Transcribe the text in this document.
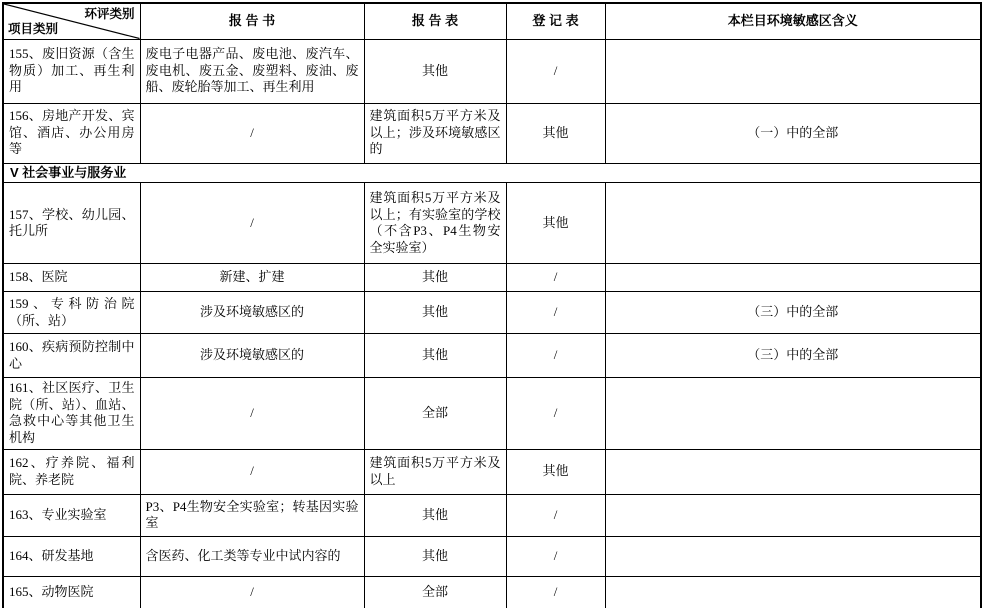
环评类别
项目类别	报 告 书	报 告 表	登 记 表	本栏目环境敏感区含义
155、废旧资源（含生物质）加工、再生利用	废电子电器产品、废电池、废汽车、废电机、废五金、废塑料、废油、废船、废轮胎等加工、再生利用	其他	/	
156、房地产开发、宾馆、酒店、办公用房等	/	建筑面积5万平方米及以上；涉及环境敏感区的	其他	（一）中的全部
V 社会事业与服务业				
157、学校、幼儿园、托儿所	/	建筑面积5万平方米及以上；有实验室的学校（不含P3、P4生物安全实验室）	其他	
158、医院	新建、扩建	其他	/	
159、专科防治院（所、站）	涉及环境敏感区的	其他	/	（三）中的全部
160、疾病预防控制中心	涉及环境敏感区的	其他	/	（三）中的全部
161、社区医疗、卫生院（所、站）、血站、急救中心等其他卫生机构	/	全部	/	
162、疗养院、福利院、养老院	/	建筑面积5万平方米及以上	其他	
163、专业实验室	P3、P4生物安全实验室；转基因实验室	其他	/	
164、研发基地	含医药、化工类等专业中试内容的	其他	/	
165、动物医院	/	全部	/	
